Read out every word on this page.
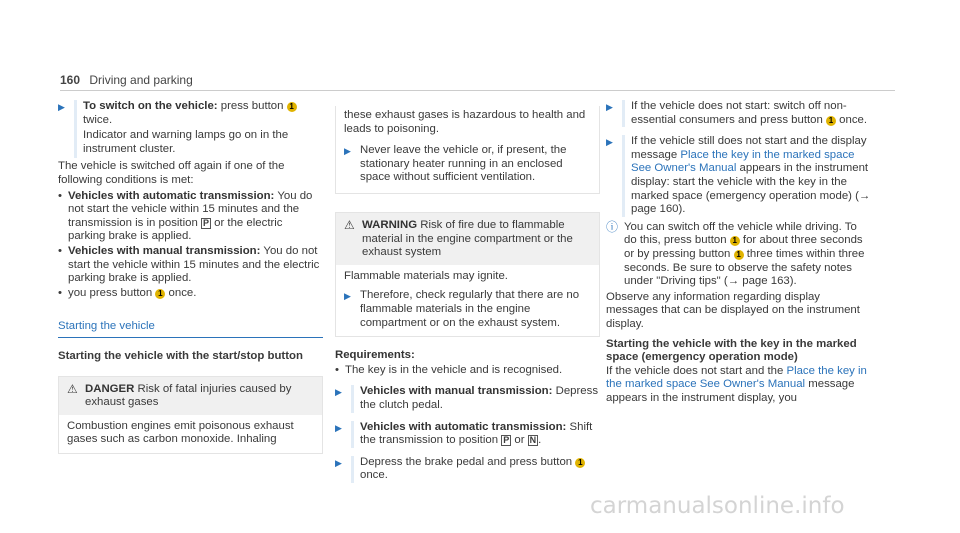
160 Driving and parking
▶	To switch on the vehicle: press button 1 twice.

Indicator and warning lamps go on in the instrument cluster.

The vehicle is switched off again if one of the following conditions is met:

• Vehicles with automatic transmission: You do not start the vehicle within 15 minutes and the transmission is in position P or the electric parking brake is applied.
• Vehicles with manual transmission: You do not start the vehicle within 15 minutes and the electric parking brake is applied.
• you press button 1 once.
Starting the vehicle
Starting the vehicle with the start/stop button
⚠ DANGER Risk of fatal injuries caused by exhaust gases
Combustion engines emit poisonous exhaust gases such as carbon monoxide. Inhaling

these exhaust gases is hazardous to health and leads to poisoning.

▶ Never leave the vehicle or, if present, the stationary heater running in an enclosed space without sufficient ventilation.
⚠ WARNING Risk of fire due to flammable material in the engine compartment or the exhaust system

Flammable materials may ignite.

▶ Therefore, check regularly that there are no flammable materials in the engine compartment or on the exhaust system.
Requirements:
• The key is in the vehicle and is recognised.
▶	Vehicles with manual transmission: Depress the clutch pedal.
▶	Vehicles with automatic transmission: Shift the transmission to position P or N .
▶	Depress the brake pedal and press button 1 once.
▶	If the vehicle does not start: switch off non-essential consumers and press button 1 once.
▶	If the vehicle still does not start and the display message Place the key in the marked space See Owner's Manual appears in the instrument display: start the vehicle with the key in the marked space (emergency operation mode) (→ page 160).
ⓘ You can switch off the vehicle while driving. To do this, press button 1 for about three seconds or by pressing button 1 three times within three seconds. Be sure to observe the safety notes under "Driving tips" (→ page 163).

Observe any information regarding display messages that can be displayed on the instrument display.

Starting the vehicle with the key in the marked space (emergency operation mode)

If the vehicle does not start and the Place the key in the marked space See Owner's Manual message appears in the instrument display, you

carmanualsonline.info
